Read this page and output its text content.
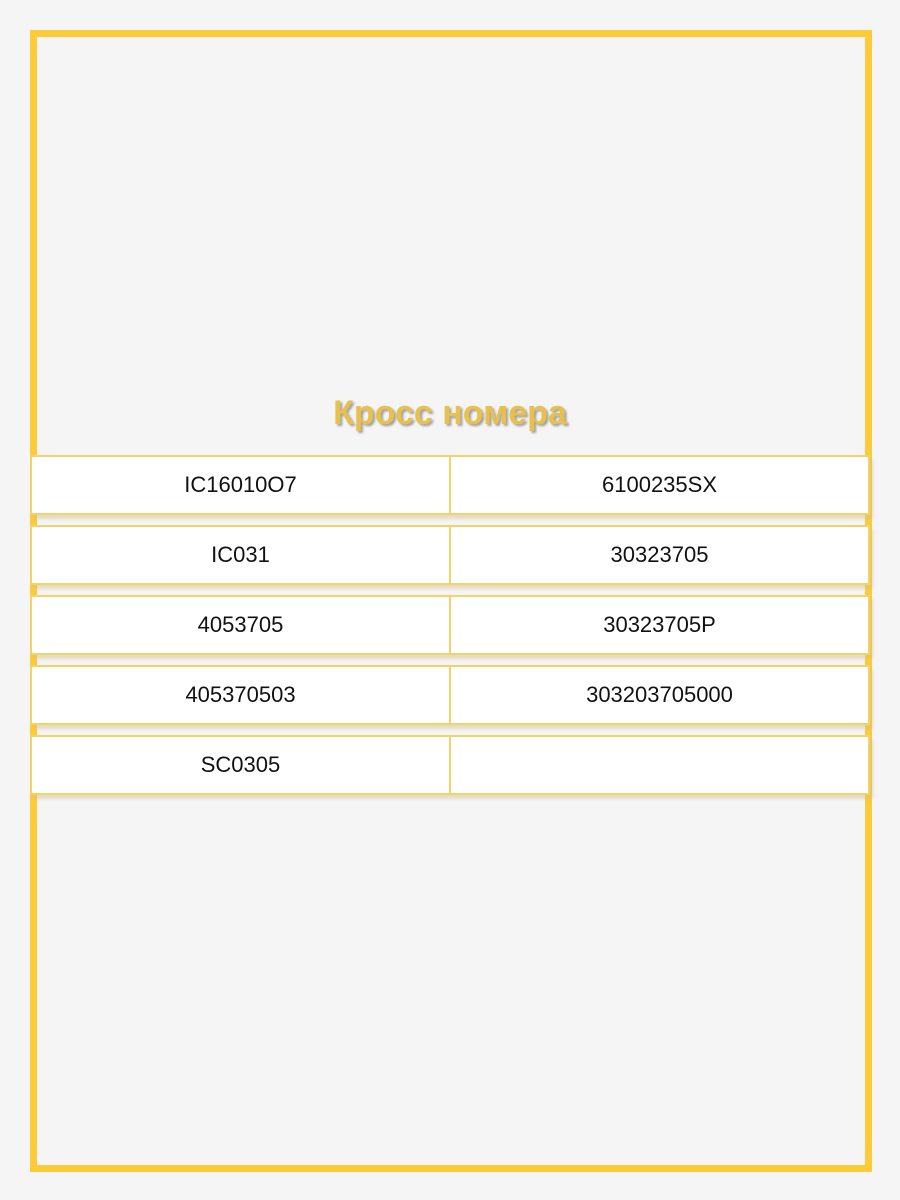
Кросс номера
IC16010O7	6100235SX
IC031	30323705
4053705	30323705P
405370503	303203705000
SC0305
